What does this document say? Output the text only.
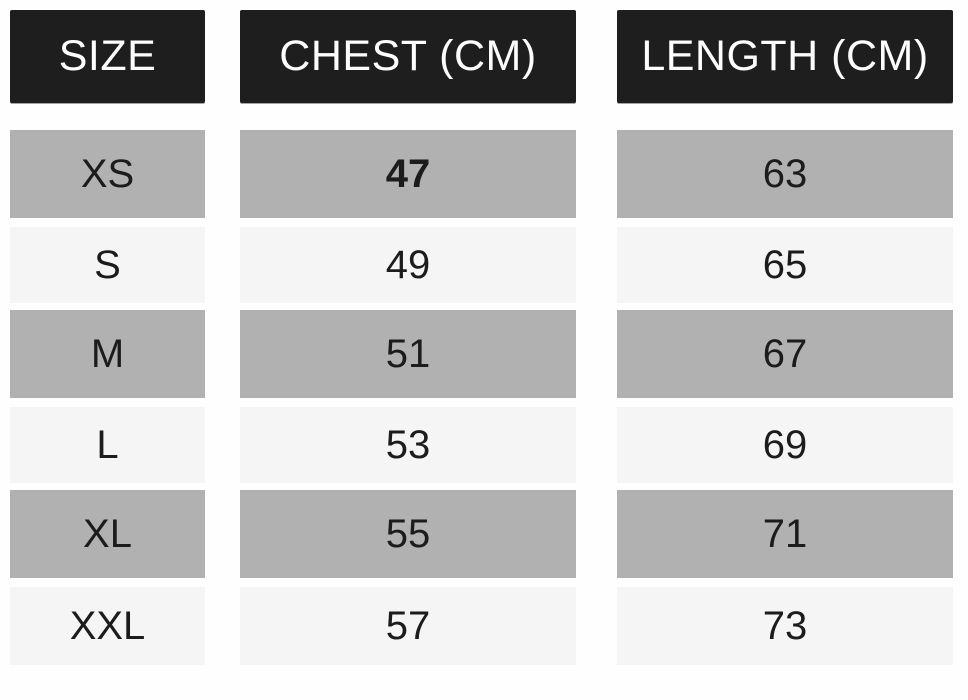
SIZE	CHEST (CM)	LENGTH (CM)
XS	47	63
S	49	65
M	51	67
L	53	69
XL	55	71
XXL	57	73
